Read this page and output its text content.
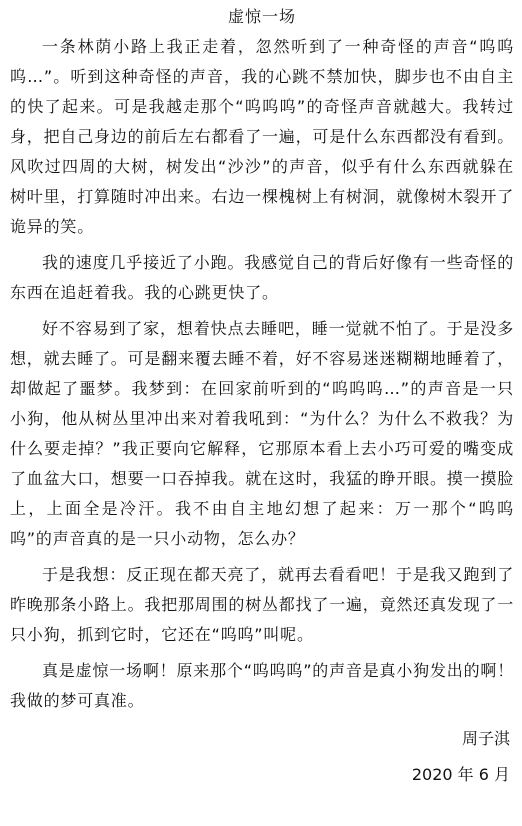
虚惊一场

一条林荫小路上我正走着，忽然听到了一种奇怪的声音“呜呜呜…”。听到这种奇怪的声音，我的心跳不禁加快，脚步也不由自主的快了起来。可是我越走那个“呜呜呜”的奇怪声音就越大。我转过身，把自己身边的前后左右都看了一遍，可是什么东西都没有看到。风吹过四周的大树，树发出“沙沙”的声音，似乎有什么东西就躲在树叶里，打算随时冲出来。右边一棵槐树上有树洞，就像树木裂开了诡异的笑。

我的速度几乎接近了小跑。我感觉自己的背后好像有一些奇怪的东西在追赶着我。我的心跳更快了。

好不容易到了家，想着快点去睡吧，睡一觉就不怕了。于是没多想，就去睡了。可是翻来覆去睡不着，好不容易迷迷糊糊地睡着了，却做起了噩梦。我梦到：在回家前听到的“呜呜呜…”的声音是一只小狗，他从树丛里冲出来对着我吼到：“为什么？为什么不救我？为什么要走掉？”我正要向它解释，它那原本看上去小巧可爱的嘴变成了血盆大口，想要一口吞掉我。就在这时，我猛的睁开眼。摸一摸脸上，上面全是冷汗。我不由自主地幻想了起来：万一那个“呜呜呜”的声音真的是一只小动物，怎么办？

于是我想：反正现在都天亮了，就再去看看吧！于是我又跑到了昨晚那条小路上。我把那周围的树丛都找了一遍，竟然还真发现了一只小狗，抓到它时，它还在“呜呜”叫呢。

真是虚惊一场啊！原来那个“呜呜呜”的声音是真小狗发出的啊！我做的梦可真准。

周子淇
2020 年 6 月
